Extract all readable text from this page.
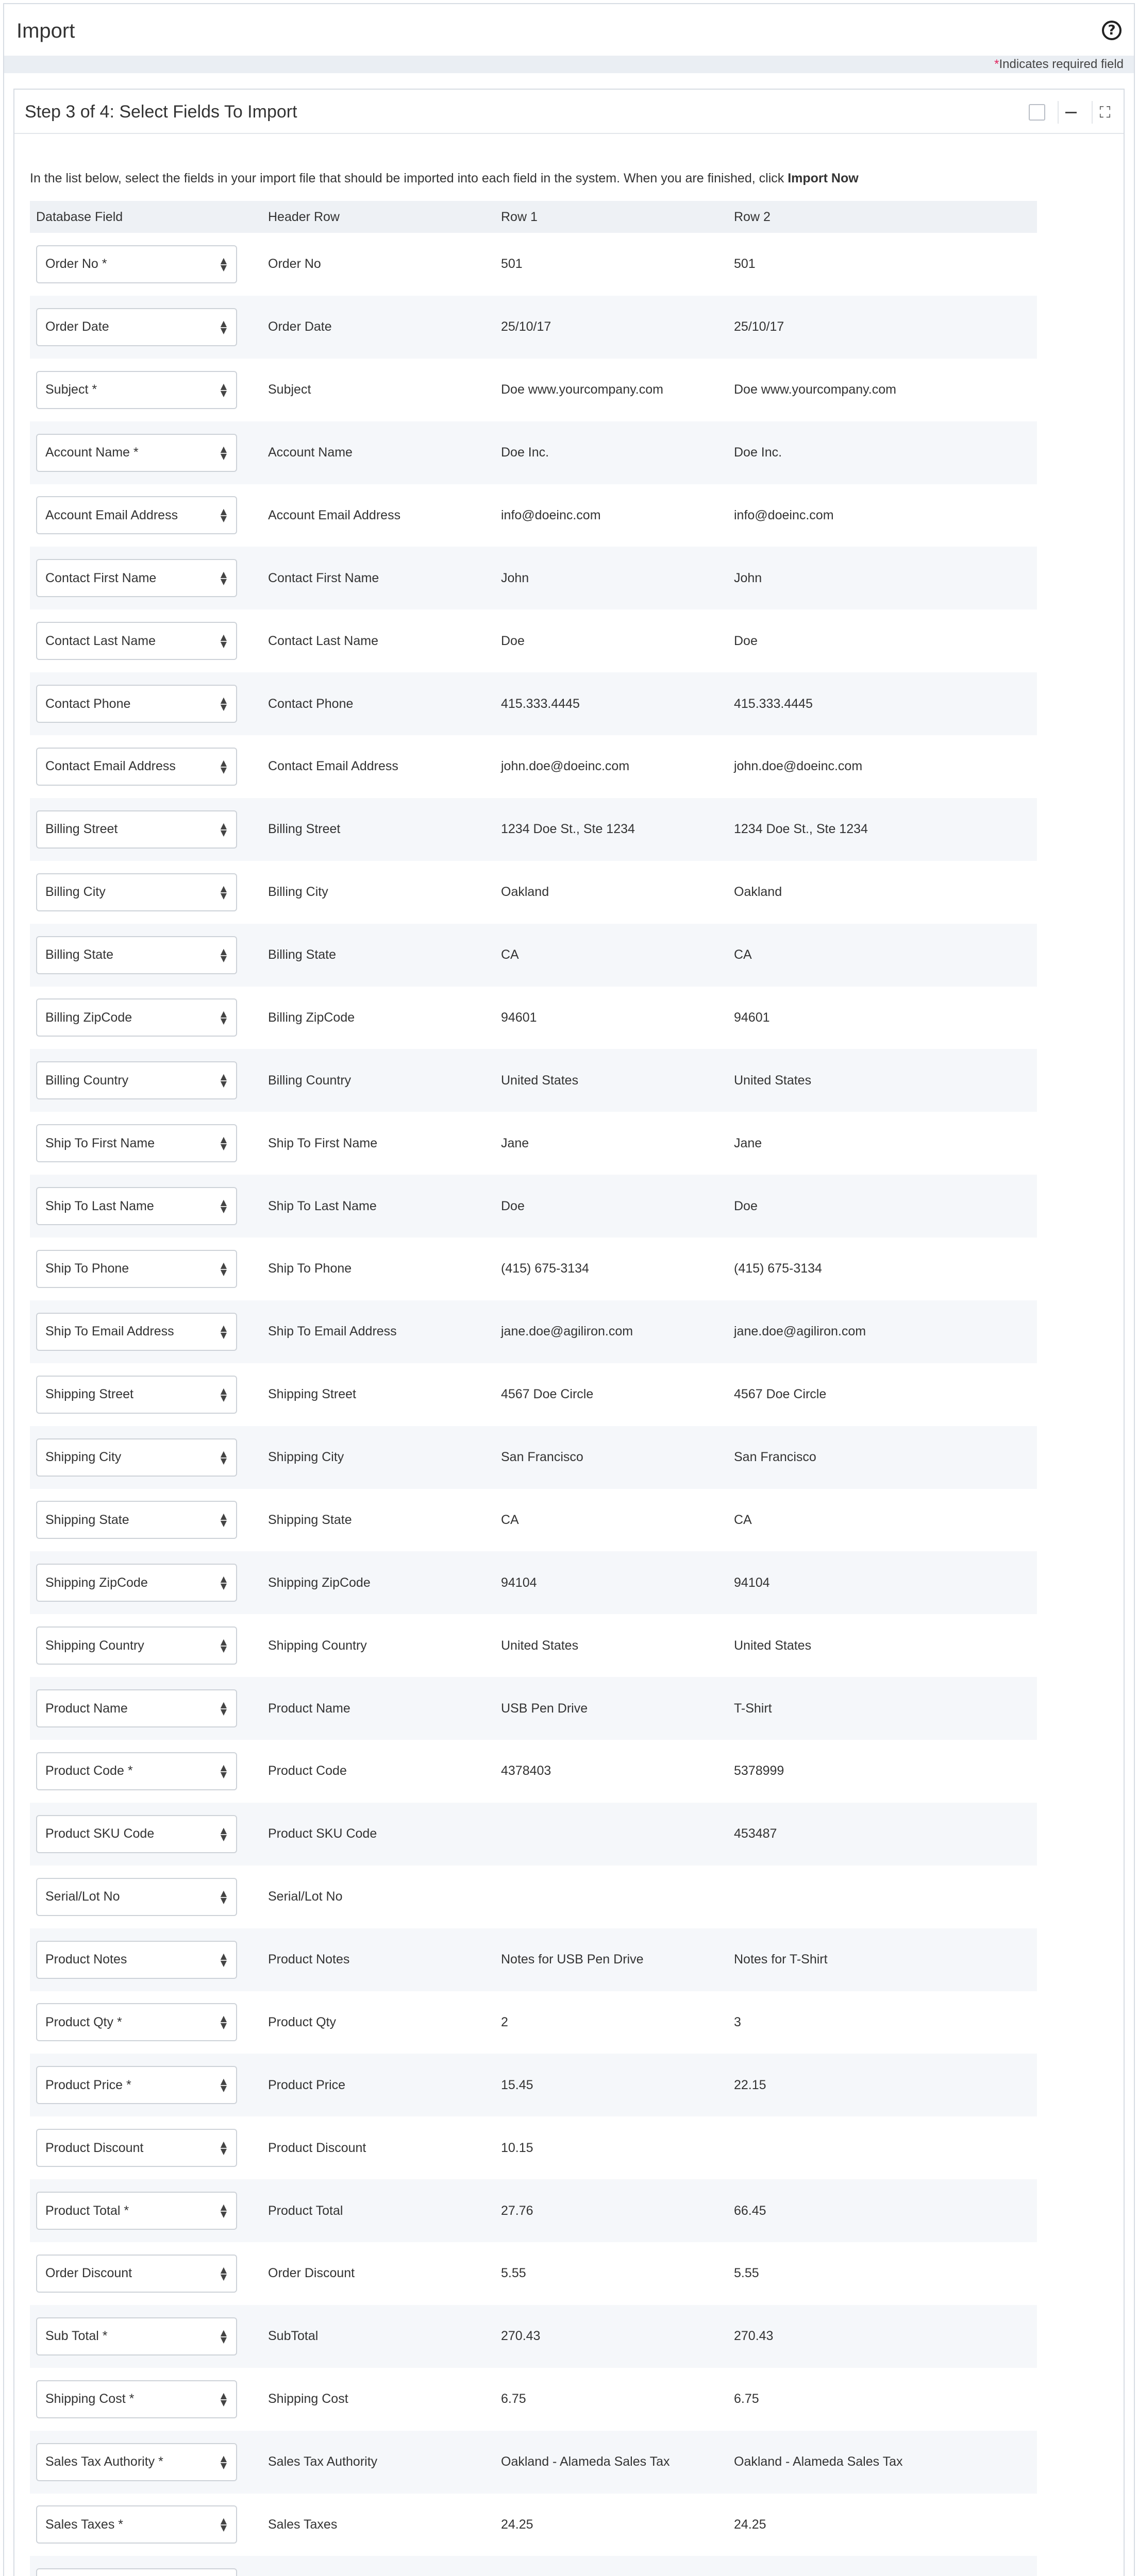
Import	?
*Indicates required field
Step 3 of 4: Select Fields To Import	⛶
In the list below, select the fields in your import file that should be imported into each field in the system. When you are finished, click Import Now
Database Field	Header Row	Row 1	Row 2

Order No * ▲
▼	Order No	501	501

Order Date ▲
▼	Order Date	25/10/17	25/10/17

Subject * ▲
▼	Subject	Doe www.yourcompany.com	Doe www.yourcompany.com

Account Name * ▲
▼	Account Name	Doe Inc.	Doe Inc.

Account Email Address ▲
▼	Account Email Address	info@doeinc.com	info@doeinc.com

Contact First Name ▲
▼	Contact First Name	John	John

Contact Last Name ▲
▼	Contact Last Name	Doe	Doe

Contact Phone ▲
▼	Contact Phone	415.333.4445	415.333.4445

Contact Email Address ▲
▼	Contact Email Address	john.doe@doeinc.com	john.doe@doeinc.com

Billing Street ▲
▼	Billing Street	1234 Doe St., Ste 1234	1234 Doe St., Ste 1234

Billing City ▲
▼	Billing City	Oakland	Oakland

Billing State ▲
▼	Billing State	CA	CA

Billing ZipCode ▲
▼	Billing ZipCode	94601	94601

Billing Country ▲
▼	Billing Country	United States	United States

Ship To First Name ▲
▼	Ship To First Name	Jane	Jane

Ship To Last Name ▲
▼	Ship To Last Name	Doe	Doe

Ship To Phone ▲
▼	Ship To Phone	(415) 675-3134	(415) 675-3134

Ship To Email Address ▲
▼	Ship To Email Address	jane.doe@agiliron.com	jane.doe@agiliron.com

Shipping Street ▲
▼	Shipping Street	4567 Doe Circle	4567 Doe Circle

Shipping City ▲
▼	Shipping City	San Francisco	San Francisco

Shipping State ▲
▼	Shipping State	CA	CA

Shipping ZipCode ▲
▼	Shipping ZipCode	94104	94104

Shipping Country ▲
▼	Shipping Country	United States	United States

Product Name ▲
▼	Product Name	USB Pen Drive	T-Shirt

Product Code * ▲
▼	Product Code	4378403	5378999

Product SKU Code ▲
▼	Product SKU Code		453487

Serial/Lot No ▲
▼	Serial/Lot No		

Product Notes ▲
▼	Product Notes	Notes for USB Pen Drive	Notes for T-Shirt

Product Qty * ▲
▼	Product Qty	2	3

Product Price * ▲
▼	Product Price	15.45	22.15

Product Discount ▲
▼	Product Discount	10.15	

Product Total * ▲
▼	Product Total	27.76	66.45

Order Discount ▲
▼	Order Discount	5.55	5.55

Sub Total * ▲
▼	SubTotal	270.43	270.43

Shipping Cost * ▲
▼	Shipping Cost	6.75	6.75

Sales Tax Authority * ▲
▼	Sales Tax Authority	Oakland - Alameda Sales Tax	Oakland - Alameda Sales Tax

Sales Taxes * ▲
▼	Sales Taxes	24.25	24.25
